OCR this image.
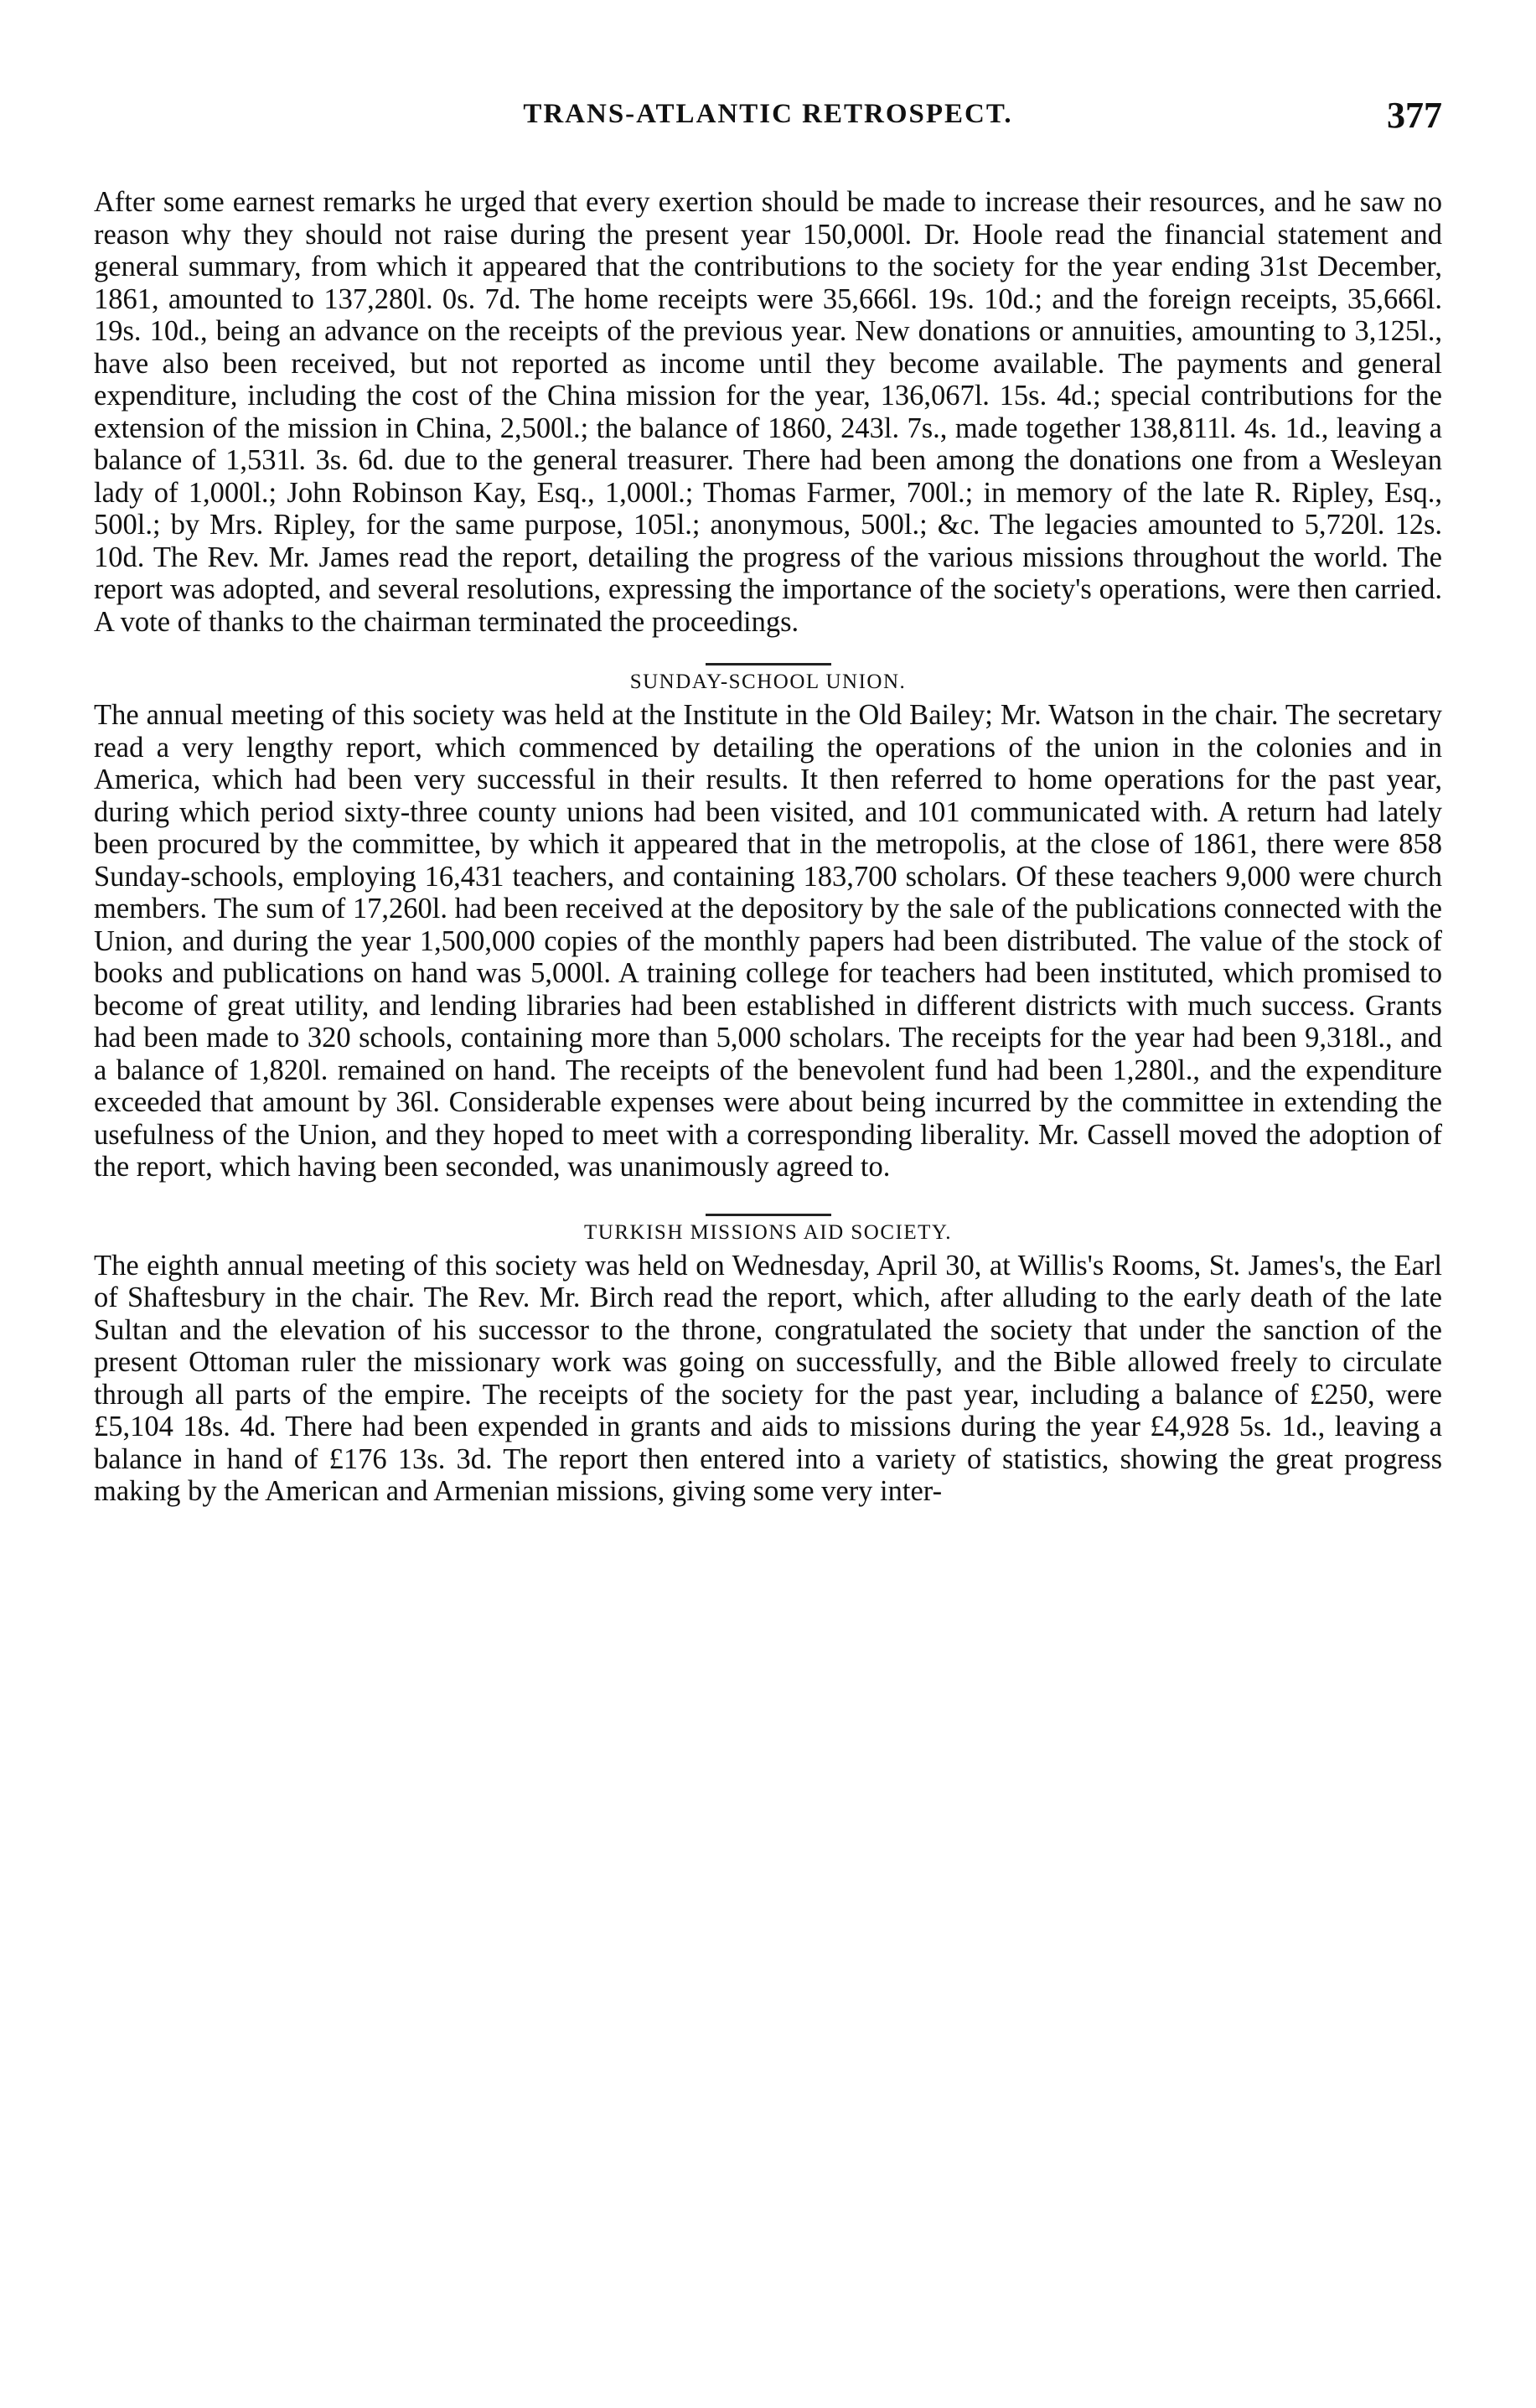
TRANS-ATLANTIC RETROSPECT.	377

After some earnest remarks he urged that every exertion should be made to increase their resources, and he saw no reason why they should not raise during the present year 150,000l. Dr. Hoole read the financial statement and general summary, from which it appeared that the contributions to the society for the year ending 31st December, 1861, amounted to 137,280l. 0s. 7d. The home receipts were 35,666l. 19s. 10d.; and the foreign receipts, 35,666l. 19s. 10d., being an advance on the receipts of the previous year. New donations or annuities, amounting to 3,125l., have also been received, but not reported as income until they become available. The payments and general expenditure, including the cost of the China mission for the year, 136,067l. 15s. 4d.; special contributions for the extension of the mission in China, 2,500l.; the balance of 1860, 243l. 7s., made together 138,811l. 4s. 1d., leaving a balance of 1,531l. 3s. 6d. due to the general treasurer. There had been among the donations one from a Wesleyan lady of 1,000l.; John Robinson Kay, Esq., 1,000l.; Thomas Farmer, 700l.; in memory of the late R. Ripley, Esq., 500l.; by Mrs. Ripley, for the same purpose, 105l.; anonymous, 500l.; &c. The legacies amounted to 5,720l. 12s. 10d. The Rev. Mr. James read the report, detailing the progress of the various missions throughout the world. The report was adopted, and several resolutions, expressing the importance of the society's operations, were then carried. A vote of thanks to the chairman terminated the proceedings.

SUNDAY-SCHOOL UNION.

The annual meeting of this society was held at the Institute in the Old Bailey; Mr. Watson in the chair. The secretary read a very lengthy report, which commenced by detailing the operations of the union in the colonies and in America, which had been very successful in their results. It then referred to home operations for the past year, during which period sixty-three county unions had been visited, and 101 communicated with. A return had lately been procured by the committee, by which it appeared that in the metropolis, at the close of 1861, there were 858 Sunday-schools, employing 16,431 teachers, and containing 183,700 scholars. Of these teachers 9,000 were church members. The sum of 17,260l. had been received at the depository by the sale of the publications connected with the Union, and during the year 1,500,000 copies of the monthly papers had been distributed. The value of the stock of books and publications on hand was 5,000l. A training college for teachers had been instituted, which promised to become of great utility, and lending libraries had been established in different districts with much success. Grants had been made to 320 schools, containing more than 5,000 scholars. The receipts for the year had been 9,318l., and a balance of 1,820l. remained on hand. The receipts of the benevolent fund had been 1,280l., and the expenditure exceeded that amount by 36l. Considerable expenses were about being incurred by the committee in extending the usefulness of the Union, and they hoped to meet with a corresponding liberality. Mr. Cassell moved the adoption of the report, which having been seconded, was unanimously agreed to.

TURKISH MISSIONS AID SOCIETY.

The eighth annual meeting of this society was held on Wednesday, April 30, at Willis's Rooms, St. James's, the Earl of Shaftesbury in the chair. The Rev. Mr. Birch read the report, which, after alluding to the early death of the late Sultan and the elevation of his successor to the throne, congratulated the society that under the sanction of the present Ottoman ruler the missionary work was going on successfully, and the Bible allowed freely to circulate through all parts of the empire. The receipts of the society for the past year, including a balance of £250, were £5,104 18s. 4d. There had been expended in grants and aids to missions during the year £4,928 5s. 1d., leaving a balance in hand of £176 13s. 3d. The report then entered into a variety of statistics, showing the great progress making by the American and Armenian missions, giving some very inter-
